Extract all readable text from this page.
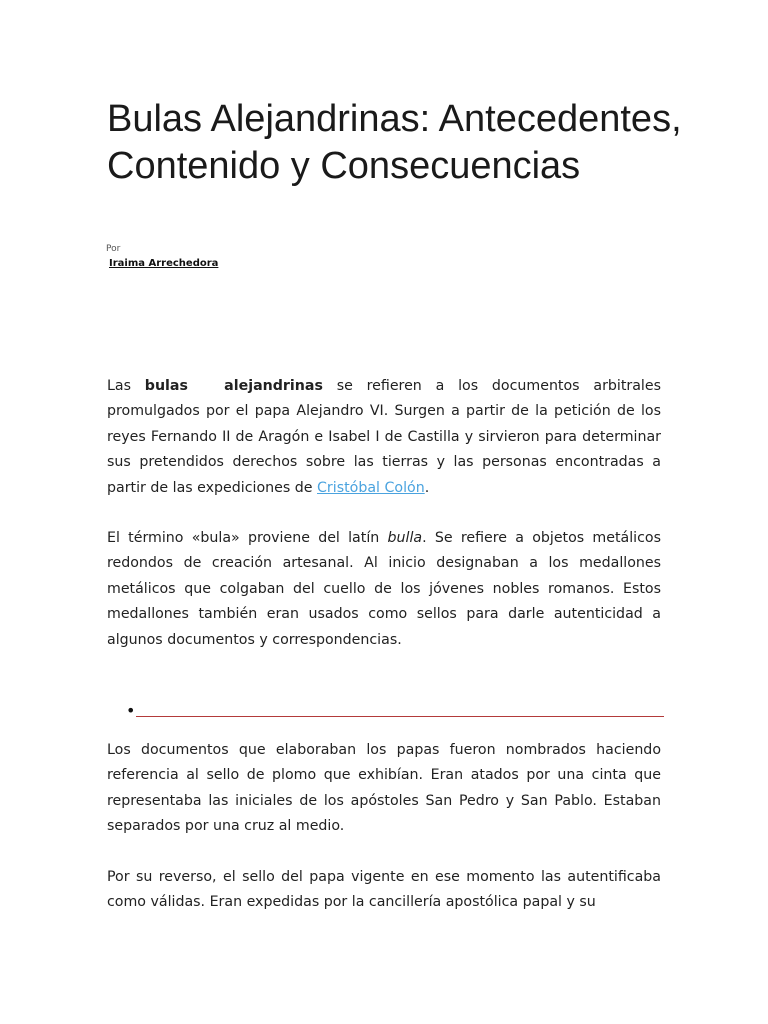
Bulas Alejandrinas: Antecedentes, Contenido y Consecuencias
Por
Iraima Arrechedora

Las bulas alejandrinas se refieren a los documentos arbitrales promulgados por el papa Alejandro VI. Surgen a partir de la petición de los reyes Fernando II de Aragón e Isabel I de Castilla y sirvieron para determinar sus pretendidos derechos sobre las tierras y las personas encontradas a partir de las expediciones de Cristóbal Colón.

El término «bula» proviene del latín bulla. Se refiere a objetos metálicos redondos de creación artesanal. Al inicio designaban a los medallones metálicos que colgaban del cuello de los jóvenes nobles romanos. Estos medallones también eran usados como sellos para darle autenticidad a algunos documentos y correspondencias.

•

Los documentos que elaboraban los papas fueron nombrados haciendo referencia al sello de plomo que exhibían. Eran atados por una cinta que representaba las iniciales de los apóstoles San Pedro y San Pablo. Estaban separados por una cruz al medio.

Por su reverso, el sello del papa vigente en ese momento las autentificaba como válidas. Eran expedidas por la cancillería apostólica papal y su
